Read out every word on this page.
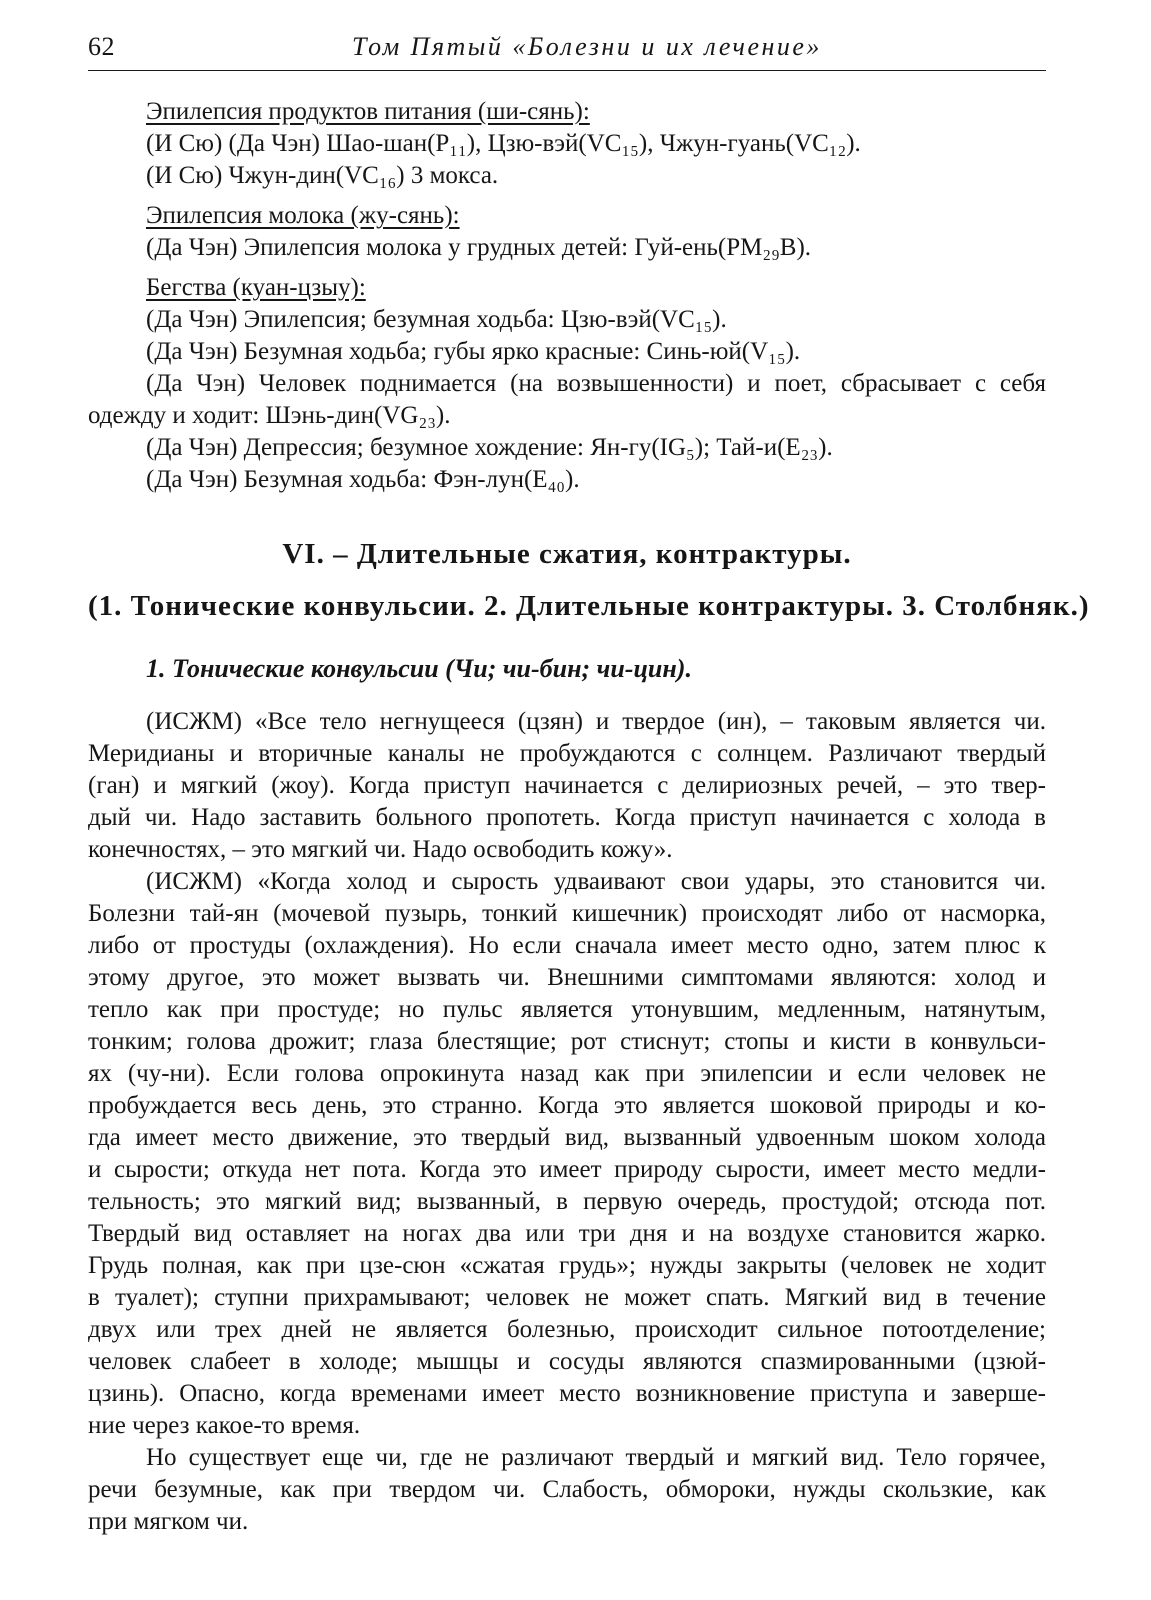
62	Том Пятый «Болезни и их лечение»
Эпилепсия продуктов питания (ши-сянь):
(И Сю) (Да Чэн) Шао-шан(P₁₁), Цзю-вэй(VC₁₅), Чжун-гуань(VC₁₂).
(И Сю) Чжун-дин(VC₁₆) 3 мокса.
Эпилепсия молока (жу-сянь):
(Да Чэн) Эпилепсия молока у грудных детей: Гуй-ень(PM₂₉B).
Бегства (куан-цзыу):
(Да Чэн) Эпилепсия; безумная ходьба: Цзю-вэй(VC₁₅).
(Да Чэн) Безумная ходьба; губы ярко красные: Синь-юй(V₁₅).
(Да Чэн) Человек поднимается (на возвышенности) и поет, сбрасывает с себя
одежду и ходит: Шэнь-дин(VG₂₃).
(Да Чэн) Депрессия; безумное хождение: Ян-гу(IG₅); Тай-и(E₂₃).
(Да Чэн) Безумная ходьба: Фэн-лун(E₄₀).
VI. – Длительные сжатия, контрактуры.
(1. Тонические конвульсии. 2. Длительные контрактуры. 3. Столбняк.)
1. Тонические конвульсии (Чи; чи-бин; чи-цин).
(ИСЖМ) «Все тело негнущееся (цзян) и твердое (ин), – таковым является чи.
Меридианы и вторичные каналы не пробуждаются с солнцем. Различают твердый
(ган) и мягкий (жоу). Когда приступ начинается с делириозных речей, – это твер-
дый чи. Надо заставить больного пропотеть. Когда приступ начинается с холода в
конечностях, – это мягкий чи. Надо освободить кожу».
(ИСЖМ) «Когда холод и сырость удваивают свои удары, это становится чи.
Болезни тай-ян (мочевой пузырь, тонкий кишечник) происходят либо от насморка,
либо от простуды (охлаждения). Но если сначала имеет место одно, затем плюс к
этому другое, это может вызвать чи. Внешними симптомами являются: холод и
тепло как при простуде; но пульс является утонувшим, медленным, натянутым,
тонким; голова дрожит; глаза блестящие; рот стиснут; стопы и кисти в конвульси-
ях (чу-ни). Если голова опрокинута назад как при эпилепсии и если человек не
пробуждается весь день, это странно. Когда это является шоковой природы и ко-
гда имеет место движение, это твердый вид, вызванный удвоенным шоком холода
и сырости; откуда нет пота. Когда это имеет природу сырости, имеет место медли-
тельность; это мягкий вид; вызванный, в первую очередь, простудой; отсюда пот.
Твердый вид оставляет на ногах два или три дня и на воздухе становится жарко.
Грудь полная, как при цзе-сюн «сжатая грудь»; нужды закрыты (человек не ходит
в туалет); ступни прихрамывают; человек не может спать. Мягкий вид в течение
двух или трех дней не является болезнью, происходит сильное потоотделение;
человек слабеет в холоде; мышцы и сосуды являются спазмированными (цзюй-
цзинь). Опасно, когда временами имеет место возникновение приступа и заверше-
ние через какое-то время.
Но существует еще чи, где не различают твердый и мягкий вид. Тело горячее,
речи безумные, как при твердом чи. Слабость, обмороки, нужды скользкие, как
при мягком чи.
